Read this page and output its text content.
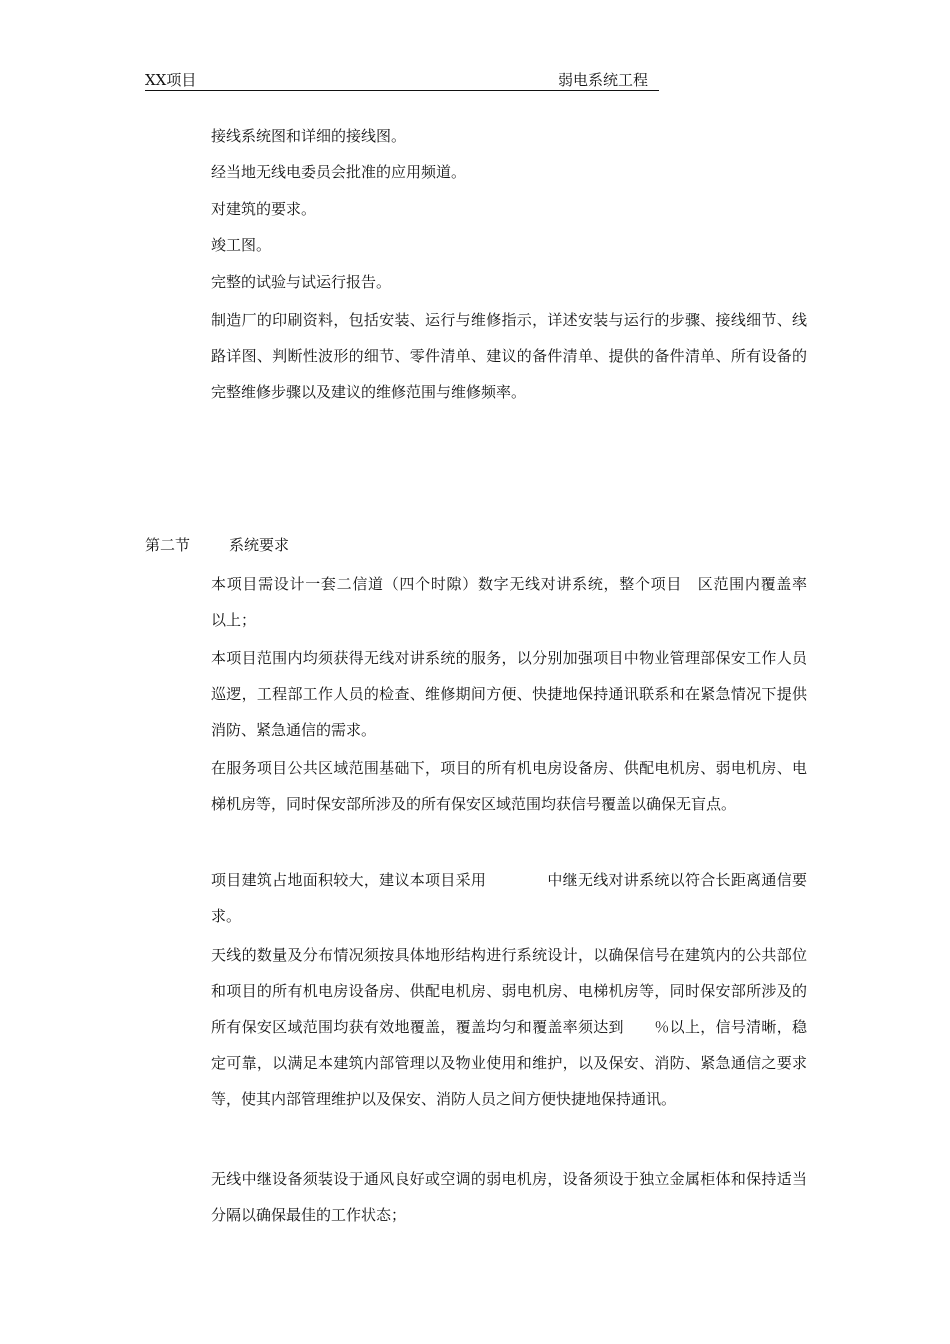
XX项目	弱电系统工程

接线系统图和详细的接线图。

经当地无线电委员会批准的应用频道。

对建筑的要求。

竣工图。

完整的试验与试运行报告。

制造厂的印刷资料，包括安装、运行与维修指示，详述安装与运行的步骤、接线细节、线路详图、判断性波形的细节、零件清单、建议的备件清单、提供的备件清单、所有设备的完整维修步骤以及建议的维修范围与维修频率。

第二节	系统要求

本项目需设计一套二信道（四个时隙）数字无线对讲系统，整个项目　区范围内覆盖率　　以上；

本项目范围内均须获得无线对讲系统的服务，以分别加强项目中物业管理部保安工作人员巡逻，工程部工作人员的检查、维修期间方便、快捷地保持通讯联系和在紧急情况下提供消防、紧急通信的需求。

在服务项目公共区域范围基础下，项目的所有机电房设备房、供配电机房、弱电机房、电梯机房等，同时保安部所涉及的所有保安区域范围均获信号覆盖以确保无盲点。

项目建筑占地面积较大，建议本项目采用　　　　中继无线对讲系统以符合长距离通信要求。

天线的数量及分布情况须按具体地形结构进行系统设计，以确保信号在建筑内的公共部位和项目的所有机电房设备房、供配电机房、弱电机房、电梯机房等，同时保安部所涉及的所有保安区域范围均获有效地覆盖，覆盖均匀和覆盖率须达到　　％以上，信号清晰，稳定可靠，以满足本建筑内部管理以及物业使用和维护，以及保安、消防、紧急通信之要求等，使其内部管理维护以及保安、消防人员之间方便快捷地保持通讯。

无线中继设备须装设于通风良好或空调的弱电机房，设备须设于独立金属柜体和保持适当分隔以确保最佳的工作状态；
